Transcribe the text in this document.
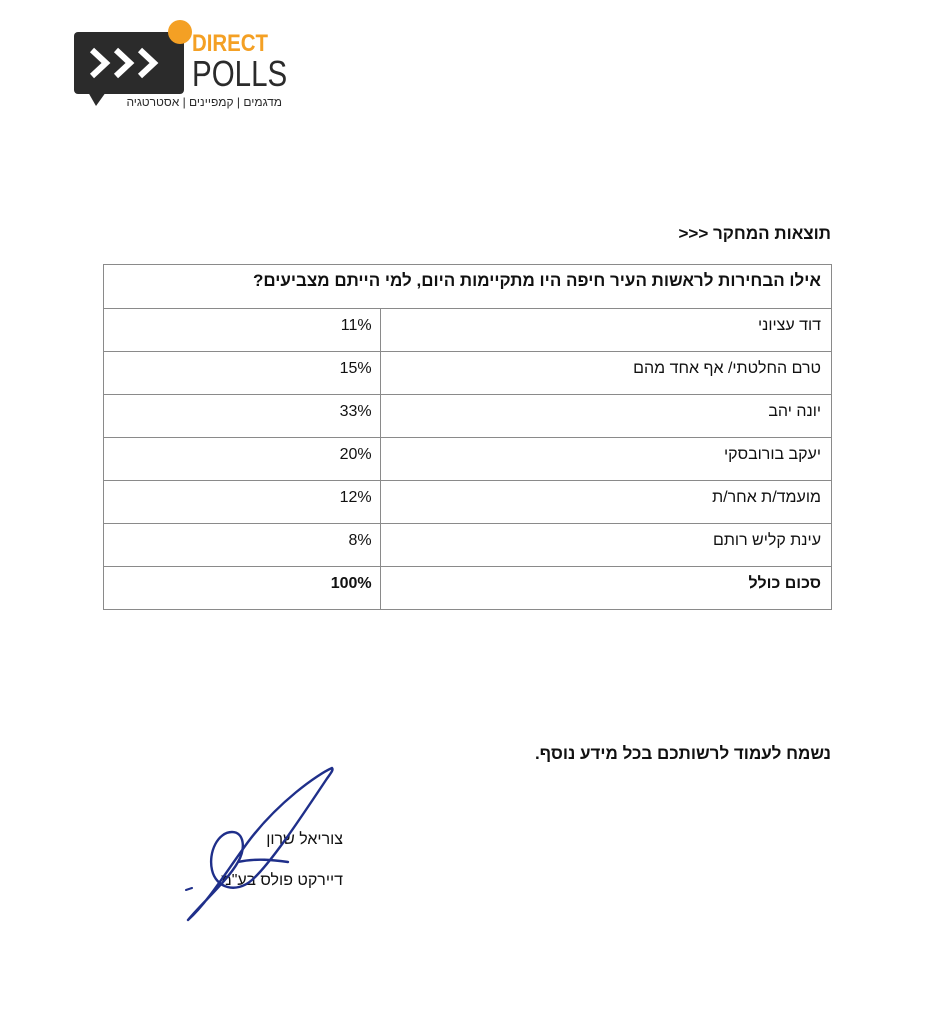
DIRECT
POLLS
מדגמים | קמפיינים | אסטרטגיה
תוצאות המחקר <<<
אילו הבחירות לראשות העיר חיפה היו מתקיימות היום, למי הייתם מצביעים?	
דוד עציוני	11%

טרם החלטתי/ אף אחד מהם	15%

יונה יהב	33%

יעקב בורובסקי	20%

מועמד/ת אחר/ת	12%

עינת קליש רותם	8%

סכום כולל	100%
נשמח לעמוד לרשותכם בכל מידע נוסף.
צוריאל שרון
דיירקט פולס בע"מ
